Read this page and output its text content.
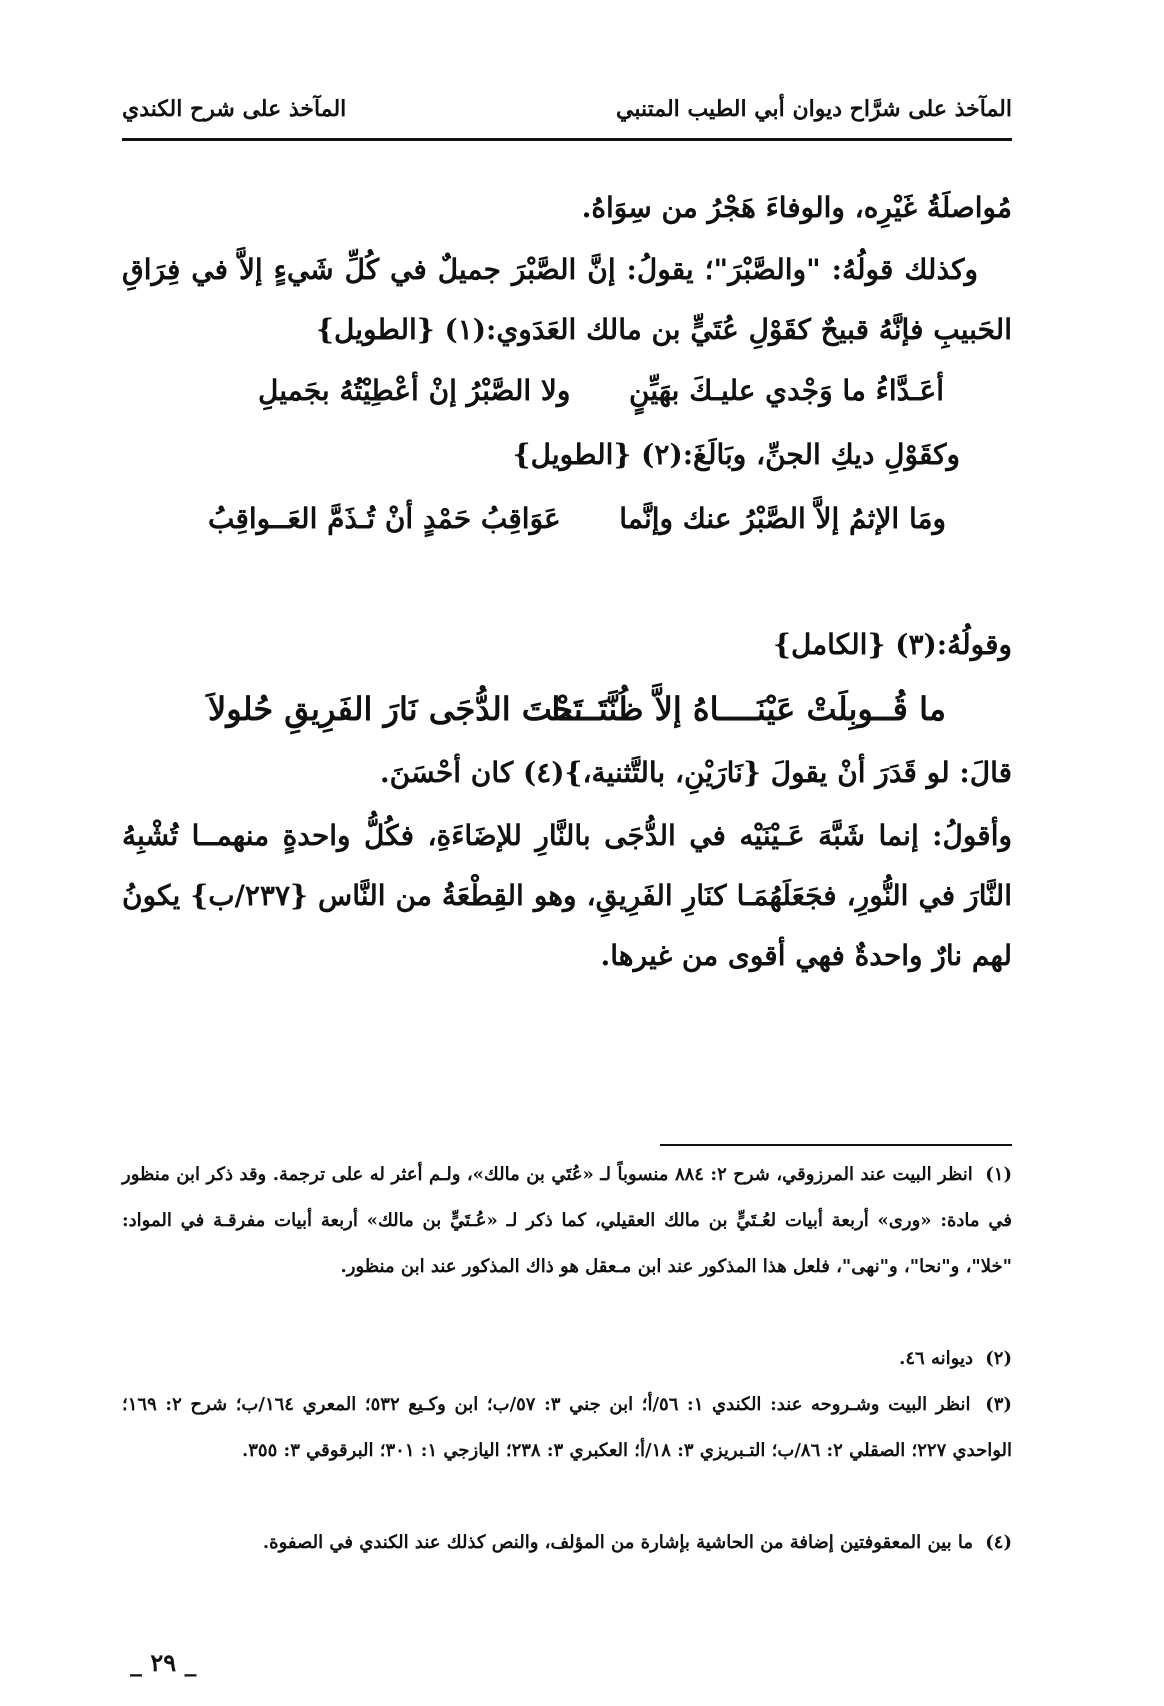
المآخذ على شرَّاح ديوان أبي الطيب المتنبي
المآخذ على شرح الكندي
مُواصلَةُ غَيْرِه، والوفاءَ هَجْرُ من سِوَاهُ.
وكذلك قولُهُ: "والصَّبْرَ"؛ يقولُ: إنَّ الصَّبْرَ جميلٌ في كُلِّ شَيءٍ إلاَّ في فِرَاقِ الحَبيبِ فإنَّهُ قبيحٌ كقَوْلِ عُتَيٍّ بن مالك العَدَوي:(١) {الطويل}
أعَـدَّاءُ ما وَجْدي عليـكَ بهَيِّنٍ
ولا الصَّبْرُ إنْ أعْطِيْتُهُ بجَميلِ
وكقَوْلِ ديكِ الجنِّ، وبَالَغَ:(٢) {الطويل}
ومَا الإثمُ إلاَّ الصَّبْرُ عنك وإنَّما
عَوَاقِبُ حَمْدٍ أنْ تُـذَمَّ العَــواقِبُ
وقولُهُ:(٣) {الكامل}
ما قُــوبِلَتْ عَيْنَــــاهُ إلاَّ ظُنَّتَــــا
تَحْتَ الدُّجَى نَارَ الفَرِيقِ حُلولاَ
قالَ: لو قَدَرَ أنْ يقولَ {نَارَيْنِ، بالتَّثنية،}(٤) كان أحْسَنَ.
وأقولُ: إنما شَبَّهَ عَـيْنَيْه في الدُّجَى بالنَّارِ للإضَاءَةِ، فكُلُّ واحدةٍ منهمــا تُشْبِهُ النَّارَ في النُّورِ، فجَعَلَهُمَـا كنَارِ الفَرِيقِ، وهو القِطْعَةُ من النَّاس {٢٣٧/ب} يكونُ لهم نارٌ واحدةٌ فهي أقوى من غيرها.
(١) انظر البيت عند المرزوقي، شرح ٢: ٨٨٤ منسوباً لـ «عُتَي بن مالك»، ولـم أعثر له على ترجمة. وقد ذكر ابن منظور في مادة: «ورى» أربعة أبيات لعُـتَيٍّ بن مالك العقيلي، كما ذكر لـ «عُـتَيٍّ بن مالك» أربعة أبيات مفرقـة في المواد: "خلا"، و"نحا"، و"نهى"، فلعل هذا المذكور عند ابن مـعقل هو ذاك المذكور عند ابن منظور.
(٢) ديوانه ٤٦.
(٣) انظر البيت وشـروحه عند: الكندي ١: ٥٦/أ؛ ابن جني ٣: ٥٧/ب؛ ابن وكـيع ٥٣٢؛ المعري ١٦٤/ب؛ شرح ٢: ١٦٩؛ الواحدي ٢٢٧؛ الصقلي ٢: ٨٦/ب؛ التـبريزي ٣: ١٨/أ؛ العكبري ٣: ٢٣٨؛ اليازجي ١: ٣٠١؛ البرقوقي ٣: ٣٥٥.
(٤) ما بين المعقوفتين إضافة من الحاشية بإشارة من المؤلف، والنص كذلك عند الكندي في الصفوة.
_ ٢٩ _
